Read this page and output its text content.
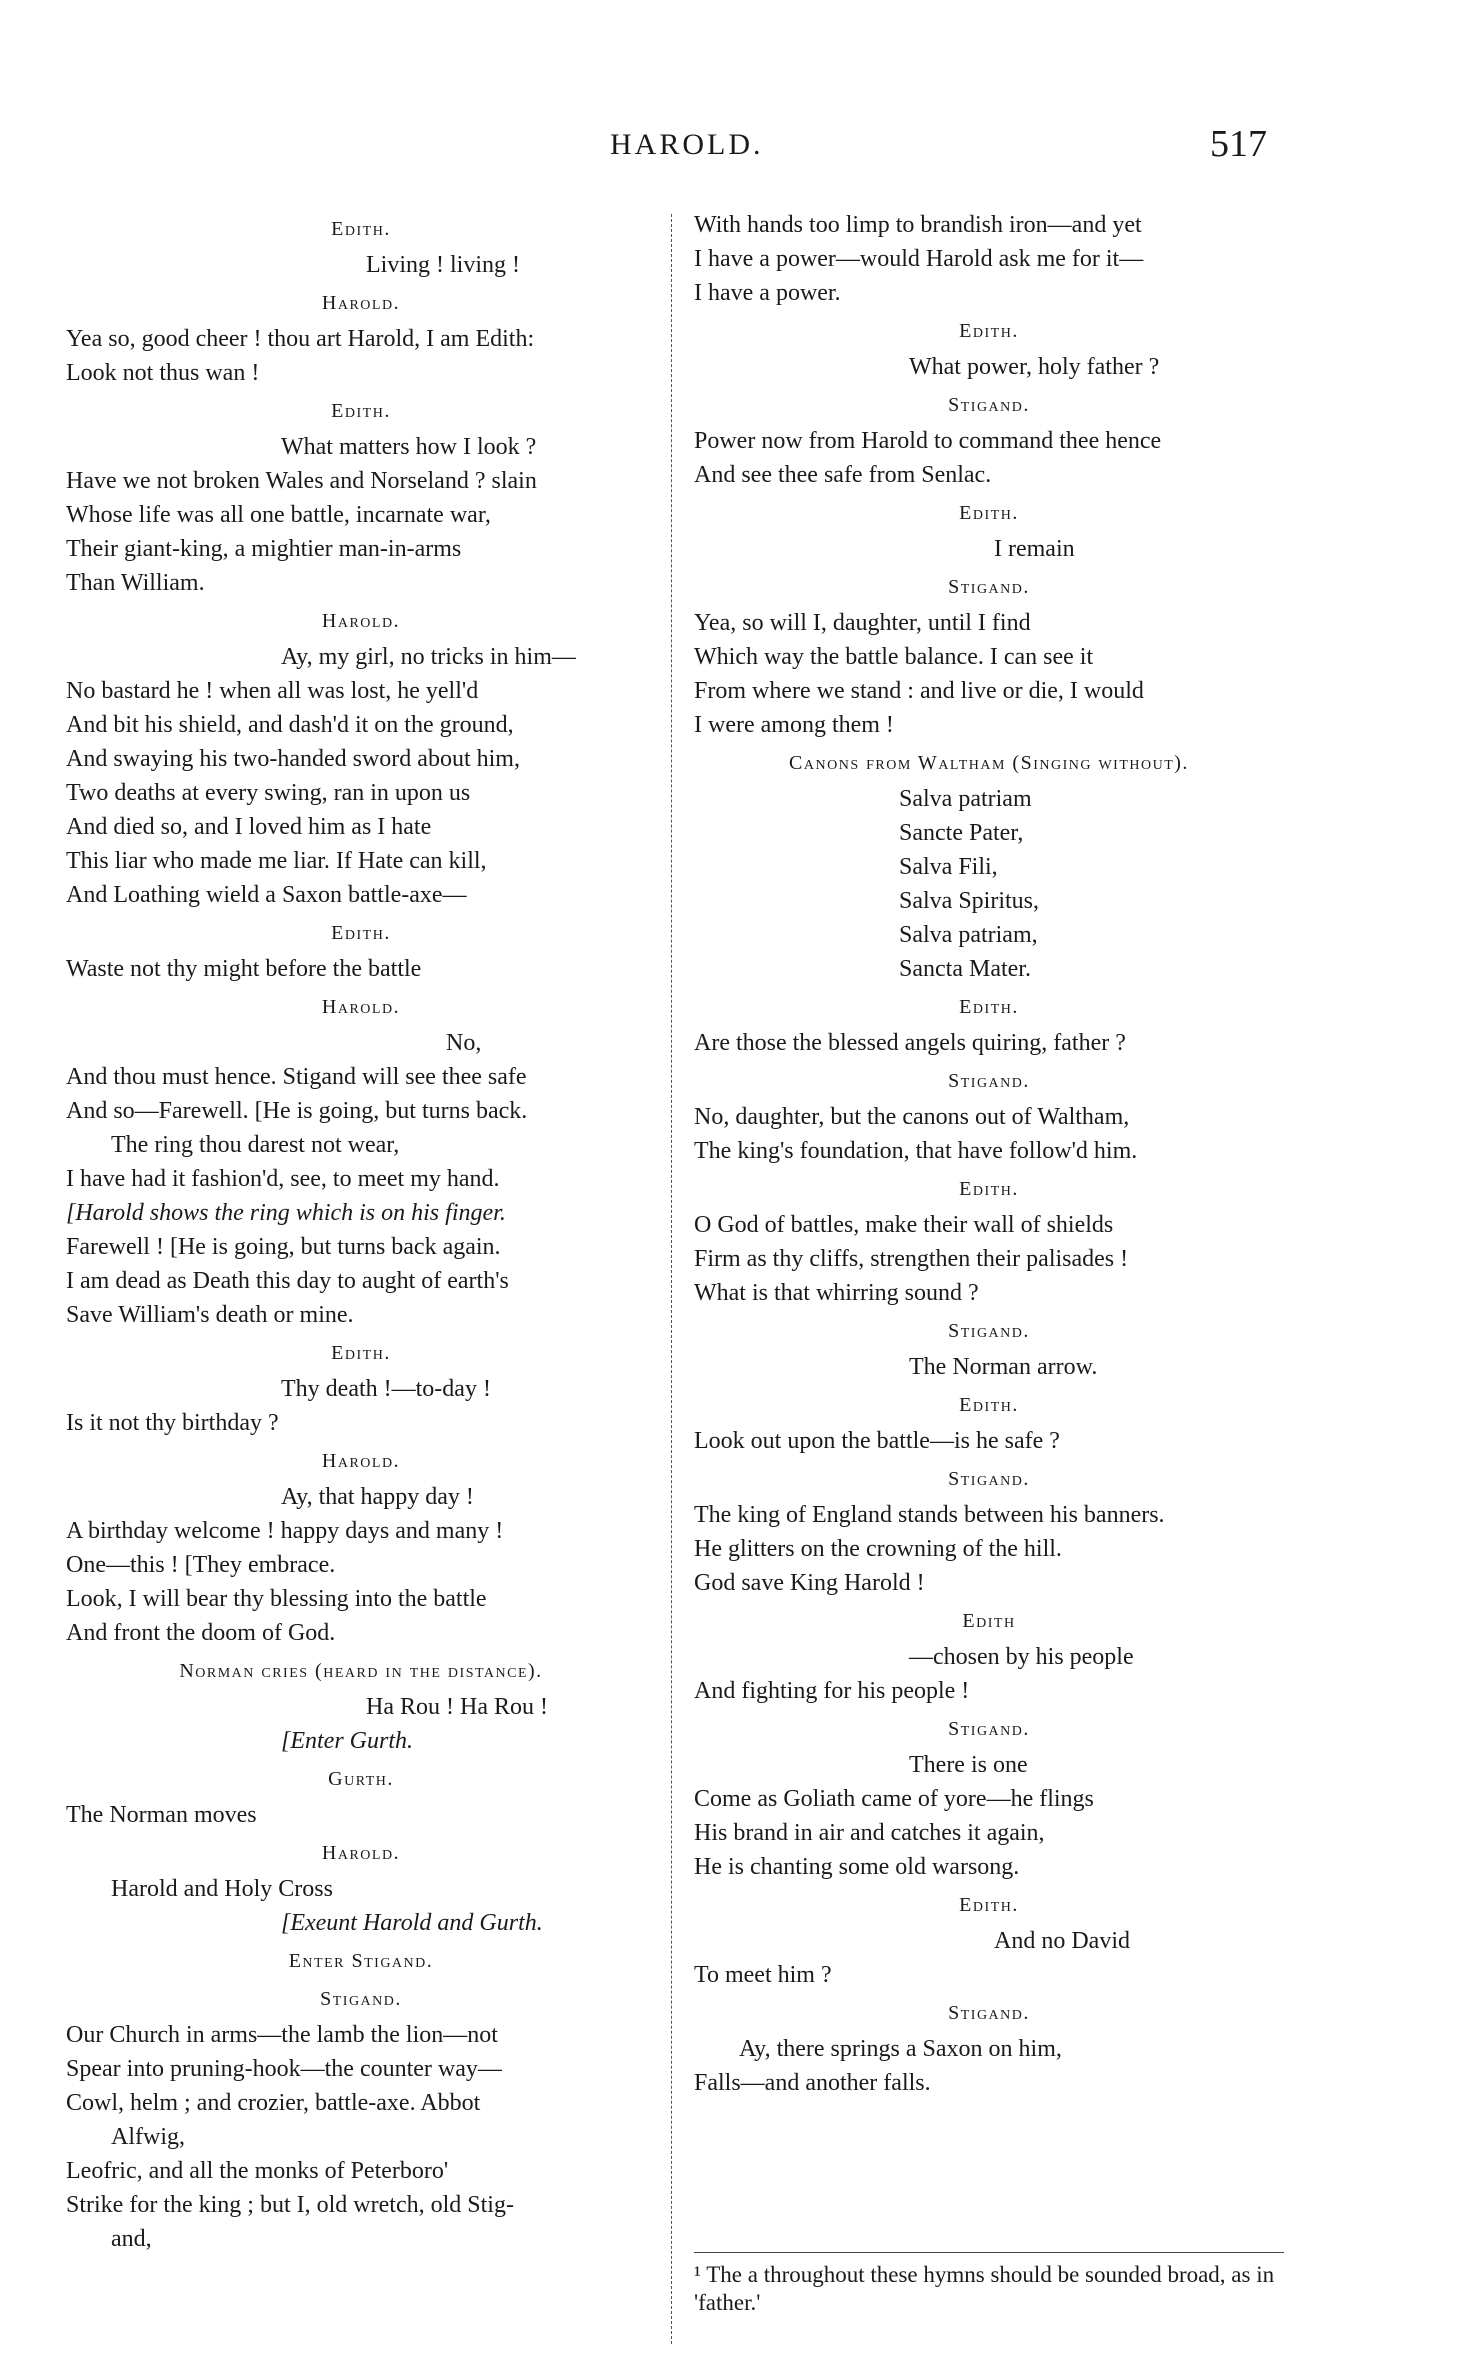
HAROLD.	517
Edith.
Living ! living !
Harold.
Yea so, good cheer ! thou art Harold, I am Edith:
Look not thus wan !
Edith.
What matters how I look ?
Have we not broken Wales and Norseland ? slain
Whose life was all one battle, incarnate war,
Their giant-king, a mightier man-in-arms
Than William.
Harold.
Ay, my girl, no tricks in him—
No bastard he ! when all was lost, he yell'd
And bit his shield, and dash'd it on the ground,
And swaying his two-handed sword about him,
Two deaths at every swing, ran in upon us
And died so, and I loved him as I hate
This liar who made me liar. If Hate can kill,
And Loathing wield a Saxon battle-axe—
Edith.
Waste not thy might before the battle
Harold.
No,
And thou must hence. Stigand will see thee safe
And so—Farewell. [He is going, but turns back.
The ring thou darest not wear,
I have had it fashion'd, see, to meet my hand.
[Harold shows the ring which is on his finger.
Farewell ! [He is going, but turns back again.
I am dead as Death this day to aught of earth's
Save William's death or mine.
Edith.
Thy death !—to-day !
Is it not thy birthday ?
Harold.
Ay, that happy day !
A birthday welcome ! happy days and many !
One—this ! [They embrace.
Look, I will bear thy blessing into the battle
And front the doom of God.
Norman cries (heard in the distance).
Ha Rou ! Ha Rou !
[Enter Gurth.
Gurth.
The Norman moves
Harold.
Harold and Holy Cross
[Exeunt Harold and Gurth.
Enter Stigand.
Stigand.
Our Church in arms—the lamb the lion—not
Spear into pruning-hook—the counter way—
Cowl, helm ; and crozier, battle-axe. Abbot
Alfwig,
Leofric, and all the monks of Peterboro'
Strike for the king ; but I, old wretch, old Stig-
and,
With hands too limp to brandish iron—and yet
I have a power—would Harold ask me for it—
I have a power.
Edith.
What power, holy father ?
Stigand.
Power now from Harold to command thee hence
And see thee safe from Senlac.
Edith.
I remain
Stigand.
Yea, so will I, daughter, until I find
Which way the battle balance. I can see it
From where we stand : and live or die, I would
I were among them !
Canons from Waltham (Singing without).
Salva patriam
Sancte Pater,
Salva Fili,
Salva Spiritus,
Salva patriam,
Sancta Mater.
Edith.
Are those the blessed angels quiring, father ?
Stigand.
No, daughter, but the canons out of Waltham,
The king's foundation, that have follow'd him.
Edith.
O God of battles, make their wall of shields
Firm as thy cliffs, strengthen their palisades !
What is that whirring sound ?
Stigand.
The Norman arrow.
Edith.
Look out upon the battle—is he safe ?
Stigand.
The king of England stands between his banners.
He glitters on the crowning of the hill.
God save King Harold !
Edith
—chosen by his people
And fighting for his people !
Stigand.
There is one
Come as Goliath came of yore—he flings
His brand in air and catches it again,
He is chanting some old warsong.
Edith.
And no David
To meet him ?
Stigand.
Ay, there springs a Saxon on him,
Falls—and another falls.
¹ The a throughout these hymns should be sounded broad, as in 'father.'
